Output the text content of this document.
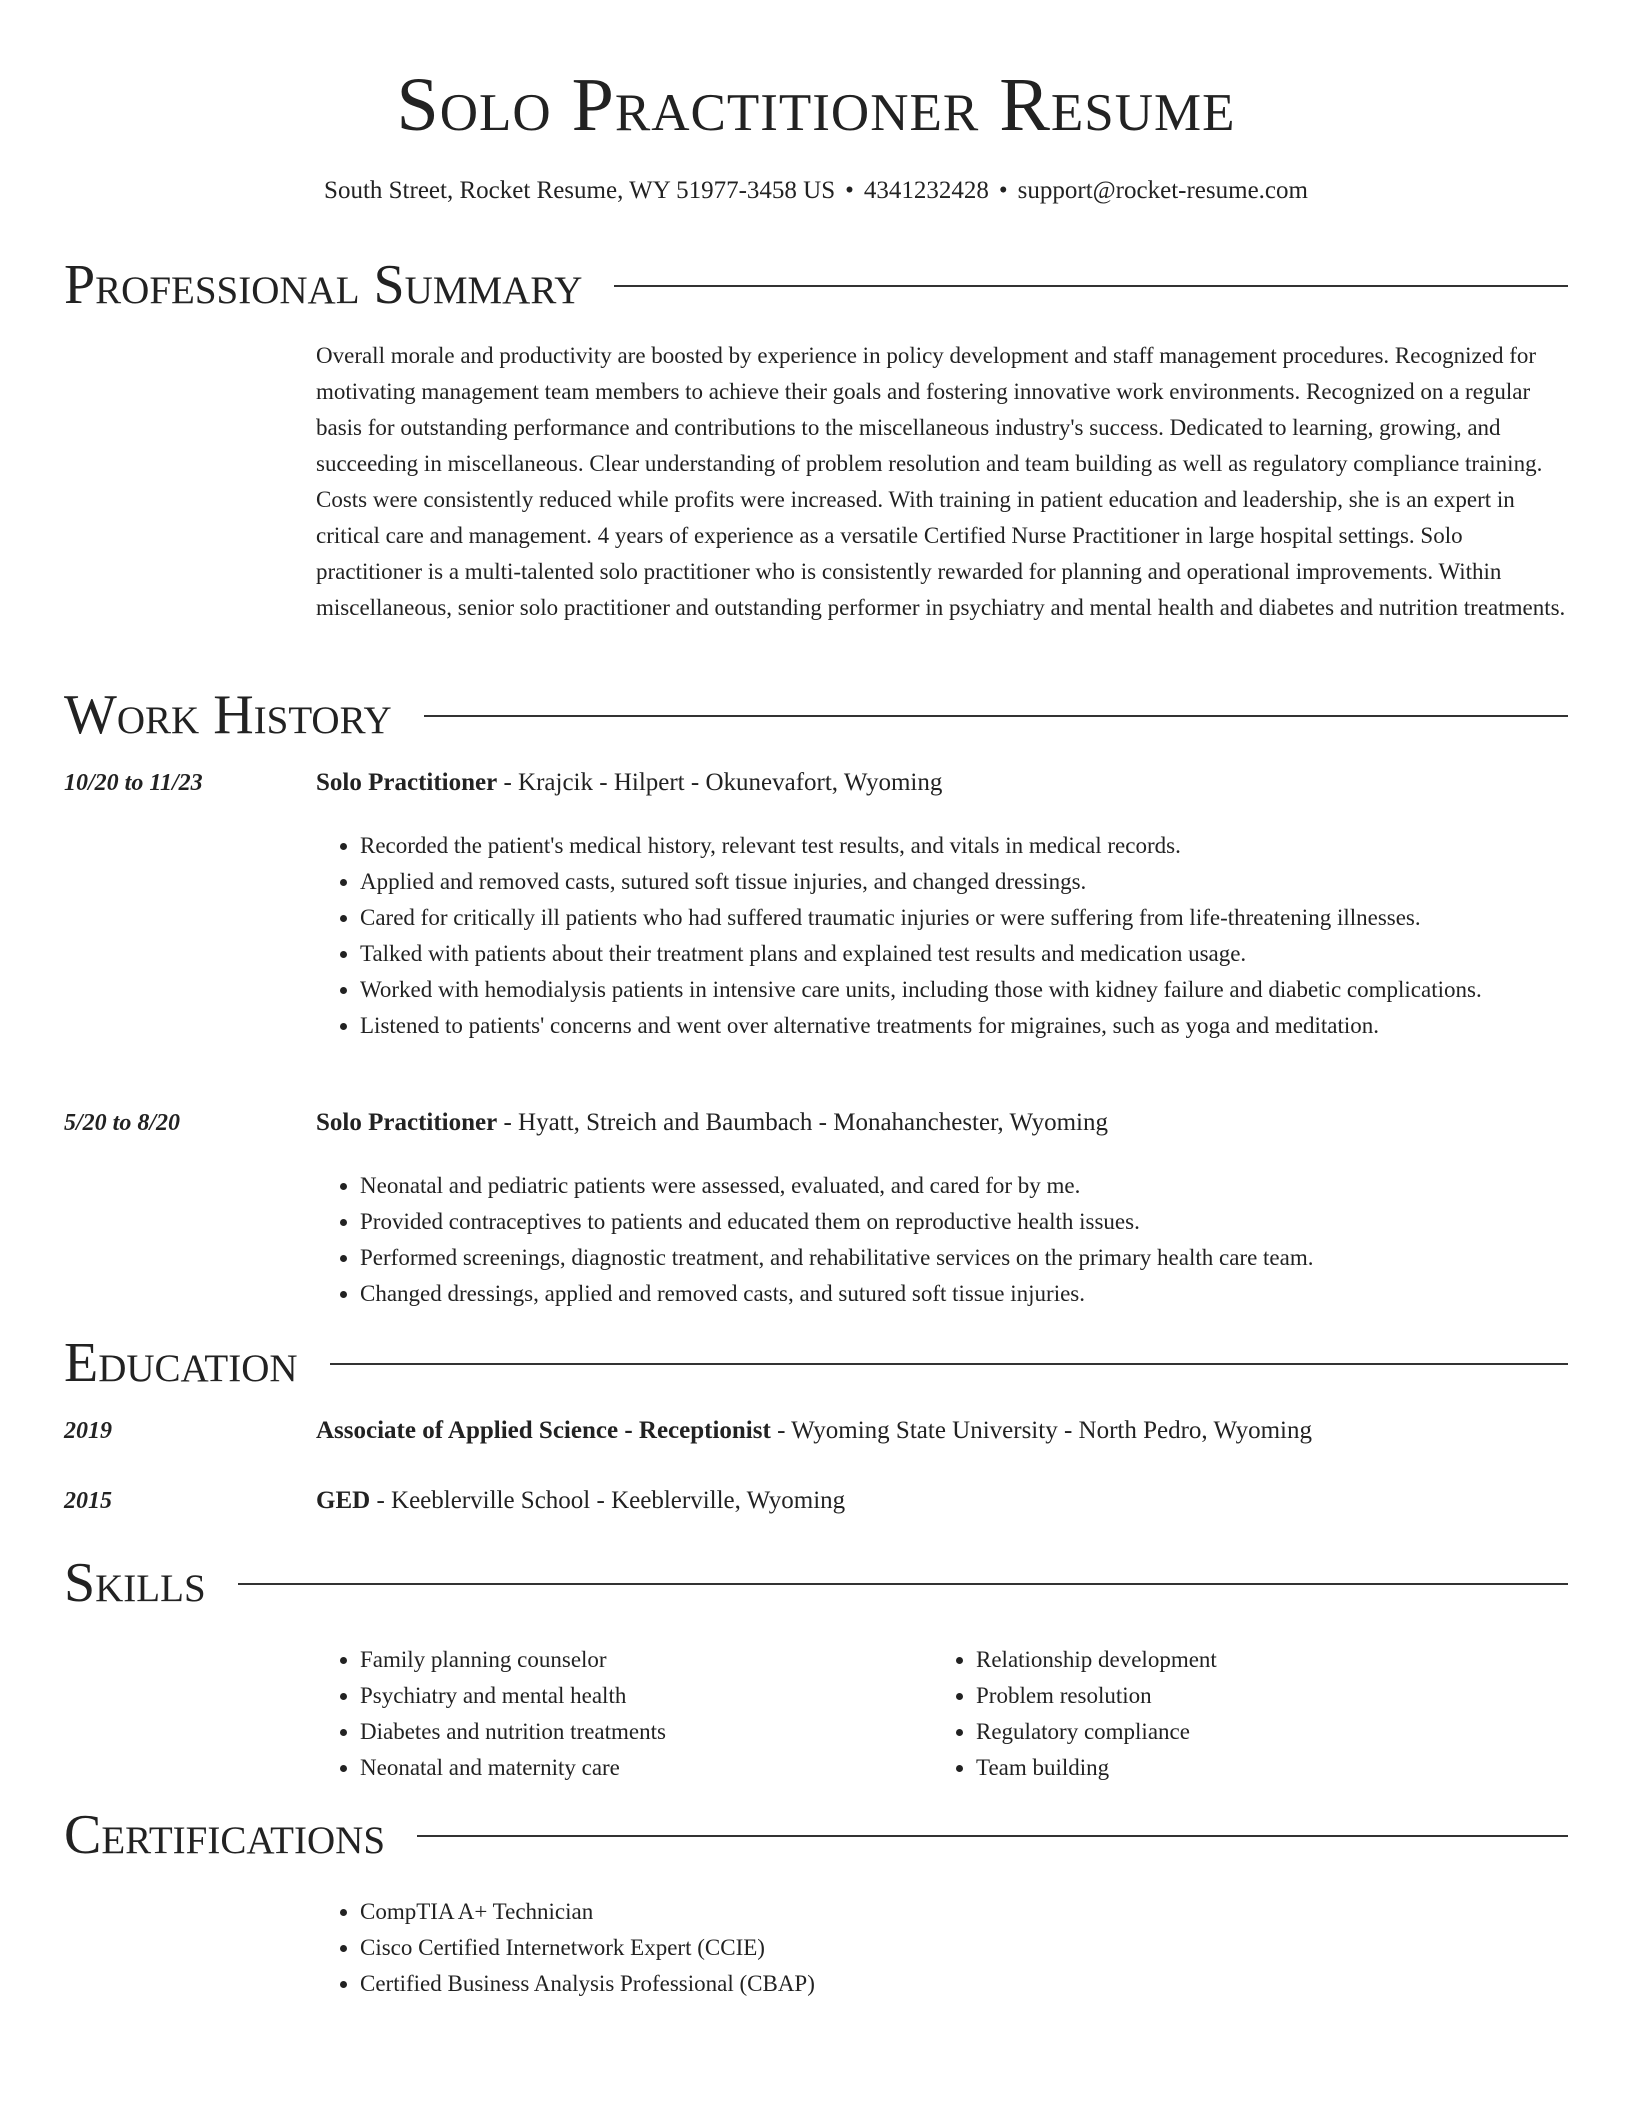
Solo Practitioner Resume
South Street, Rocket Resume, WY 51977-3458 US • 4341232428 • support@rocket-resume.com
Professional Summary

Overall morale and productivity are boosted by experience in policy development and staff management procedures. Recognized for motivating management team members to achieve their goals and fostering innovative work environments. Recognized on a regular basis for outstanding performance and contributions to the miscellaneous industry's success. Dedicated to learning, growing, and succeeding in miscellaneous. Clear understanding of problem resolution and team building as well as regulatory compliance training. Costs were consistently reduced while profits were increased. With training in patient education and leadership, she is an expert in critical care and management. 4 years of experience as a versatile Certified Nurse Practitioner in large hospital settings. Solo practitioner is a multi-talented solo practitioner who is consistently rewarded for planning and operational improvements. Within miscellaneous, senior solo practitioner and outstanding performer in psychiatry and mental health and diabetes and nutrition treatments.

Work History
10/20 to 11/23	Solo Practitioner - Krajcik - Hilpert - Okunevafort, Wyoming
• Recorded the patient's medical history, relevant test results, and vitals in medical records.
• Applied and removed casts, sutured soft tissue injuries, and changed dressings.
• Cared for critically ill patients who had suffered traumatic injuries or were suffering from life-threatening illnesses.
• Talked with patients about their treatment plans and explained test results and medication usage.
• Worked with hemodialysis patients in intensive care units, including those with kidney failure and diabetic complications.
• Listened to patients' concerns and went over alternative treatments for migraines, such as yoga and meditation.
5/20 to 8/20	Solo Practitioner - Hyatt, Streich and Baumbach - Monahanchester, Wyoming
• Neonatal and pediatric patients were assessed, evaluated, and cared for by me.
• Provided contraceptives to patients and educated them on reproductive health issues.
• Performed screenings, diagnostic treatment, and rehabilitative services on the primary health care team.
• Changed dressings, applied and removed casts, and sutured soft tissue injuries.
Education
2019	Associate of Applied Science - Receptionist - Wyoming State University - North Pedro, Wyoming
2015	GED - Keeblerville School - Keeblerville, Wyoming
Skills
• Family planning counselor
• Psychiatry and mental health
• Diabetes and nutrition treatments
• Neonatal and maternity care
• Relationship development
• Problem resolution
• Regulatory compliance
• Team building
Certifications
• CompTIA A+ Technician
• Cisco Certified Internetwork Expert (CCIE)
• Certified Business Analysis Professional (CBAP)
